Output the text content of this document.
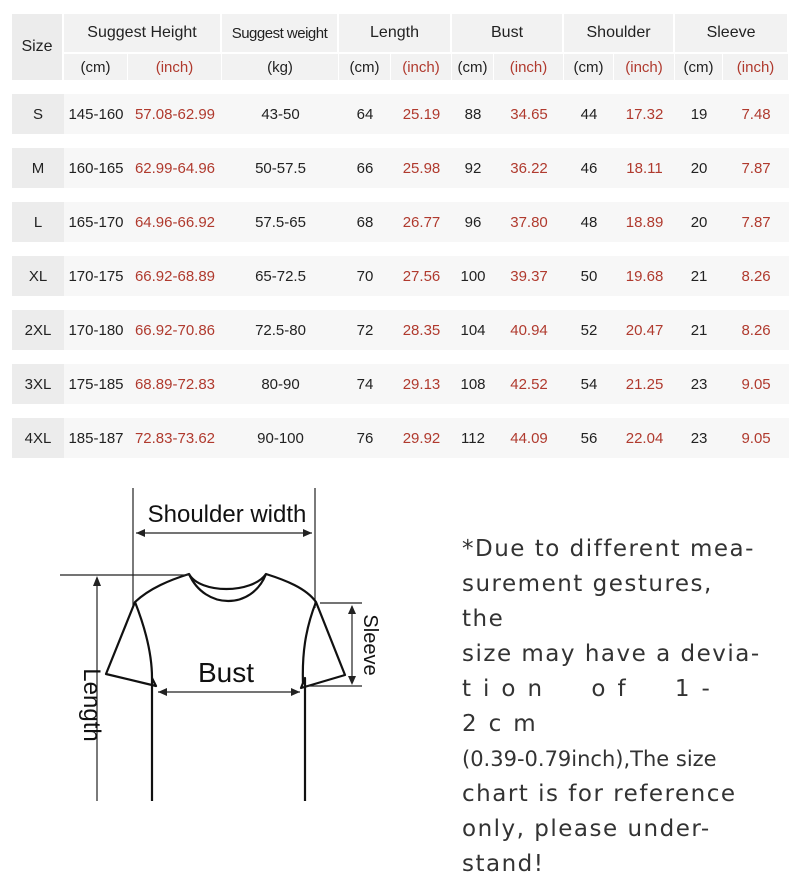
Size	Suggest Height		Suggest weight	Length		Bust		Shoulder		Sleeve	
	(cm)	(inch)	(kg)	(cm)	(inch)	(cm)	(inch)	(cm)	(inch)	(cm)	(inch)

S	145-160	57.08-62.99	43-50	64	25.19	88	34.65	44	17.32	19	7.48

M	160-165	62.99-64.96	50-57.5	66	25.98	92	36.22	46	18.11	20	7.87

L	165-170	64.96-66.92	57.5-65	68	26.77	96	37.80	48	18.89	20	7.87

XL	170-175	66.92-68.89	65-72.5	70	27.56	100	39.37	50	19.68	21	8.26

2XL	170-180	66.92-70.86	72.5-80	72	28.35	104	40.94	52	20.47	21	8.26

3XL	175-185	68.89-72.83	80-90	74	29.13	108	42.52	54	21.25	23	9.05

4XL	185-187	72.83-73.62	90-100	76	29.92	112	44.09	56	22.04	23	9.05
Shoulder width
Length	Bust	Sleeve
*Due to different mea-
surement gestures, the
size may have a devia-
tion of 1-2cm
(0.39-0.79inch),The size
chart is for reference
only, please under-
stand!
